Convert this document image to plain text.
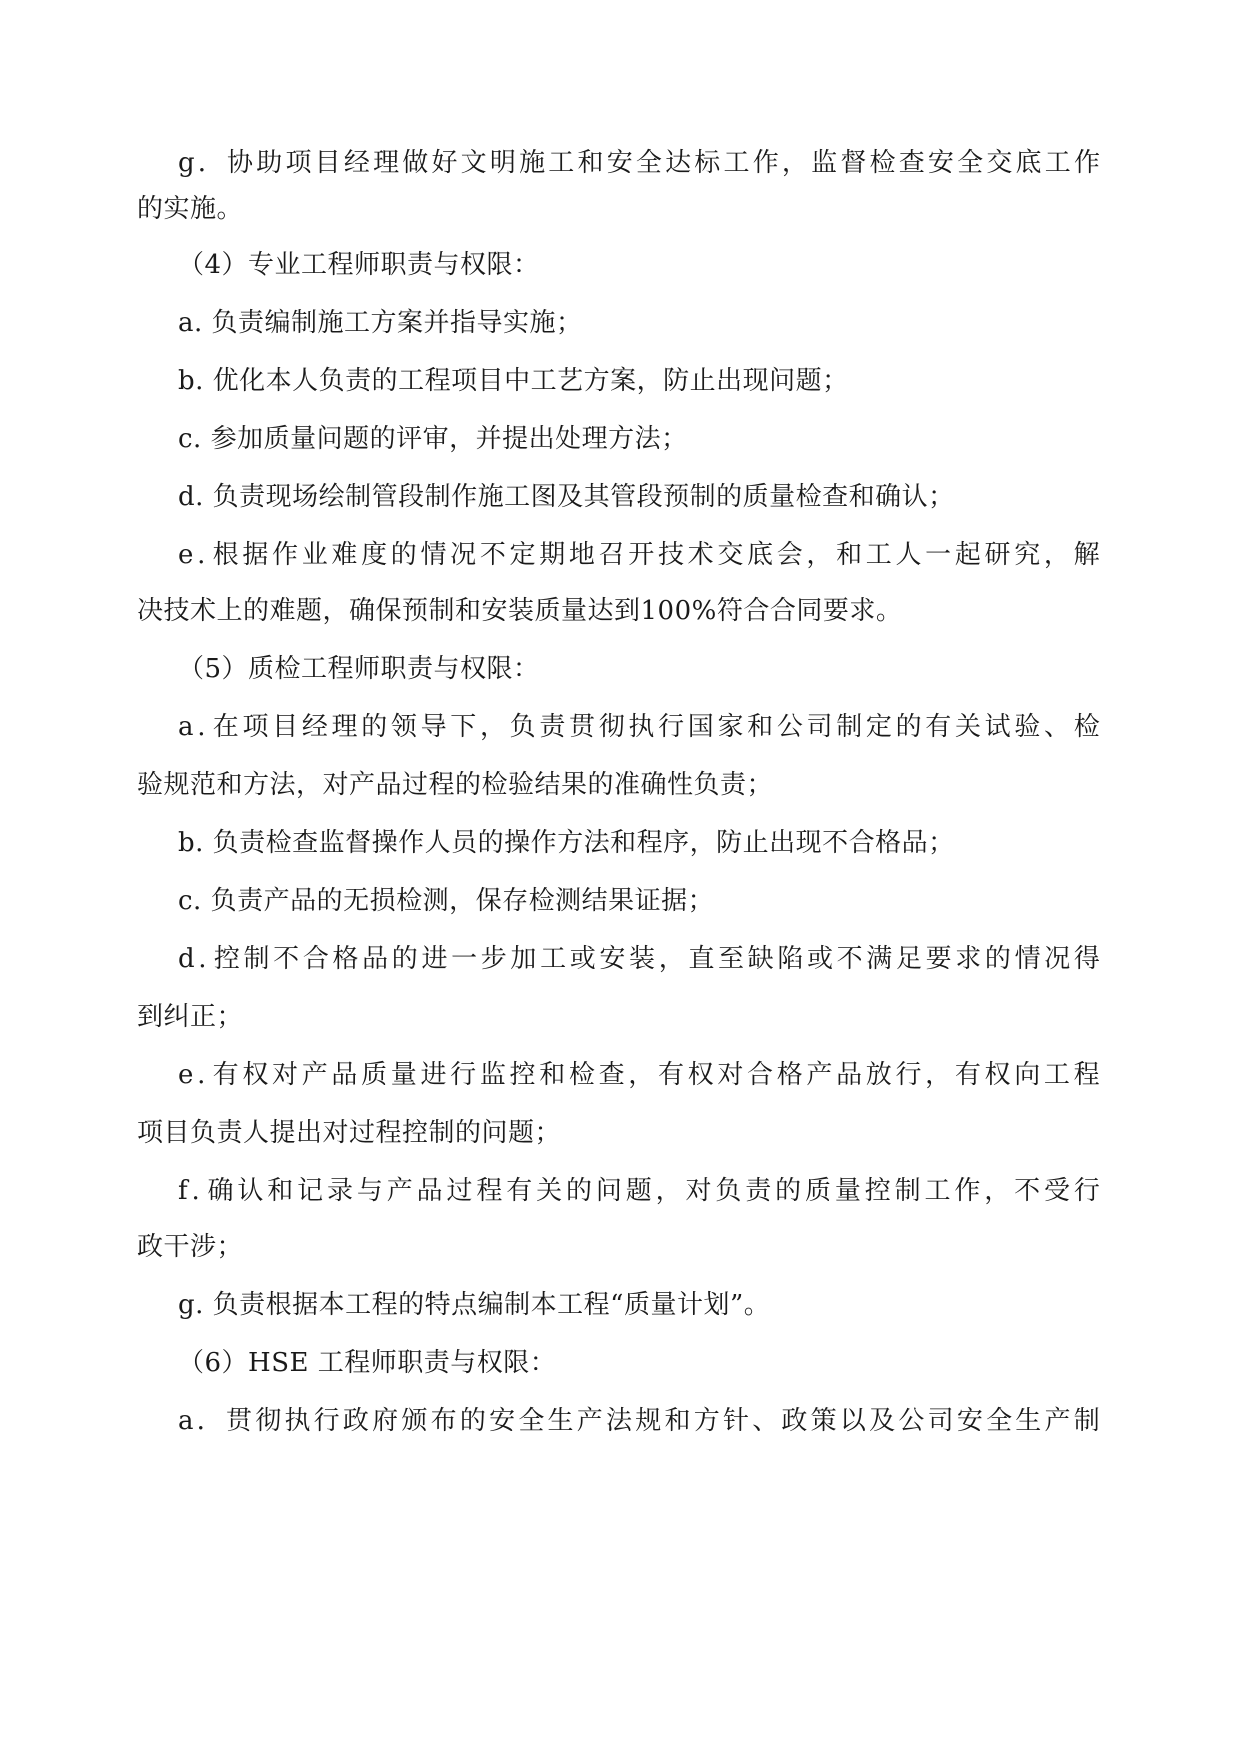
g ． 协 助 项 目 经 理 做 好 文 明 施 工 和 安 全 达 标 工 作 ， 监 督 检 查 安 全 交 底 工 作
的实施。
（4）专业工程师职责与权限：
a. 负责编制施工方案并指导实施；
b. 优化本人负责的工程项目中工艺方案，防止出现问题；
c. 参加质量问题的评审，并提出处理方法；
d. 负责现场绘制管段制作施工图及其管段预制的质量检查和确认；
e . 根 据 作 业 难 度 的 情 况 不 定 期 地 召 开 技 术 交 底 会 ， 和 工 人 一 起 研 究 ， 解
决技术上的难题，确保预制和安装质量达到100%符合合同要求。
（5）质检工程师职责与权限：
a . 在 项 目 经 理 的 领 导 下 ， 负 责 贯 彻 执 行 国 家 和 公 司 制 定 的 有 关 试 验 、 检
验规范和方法，对产品过程的检验结果的准确性负责；
b. 负责检查监督操作人员的操作方法和程序，防止出现不合格品；
c. 负责产品的无损检测，保存检测结果证据；
d . 控 制 不 合 格 品 的 进 一 步 加 工 或 安 装 ， 直 至 缺 陷 或 不 满 足 要 求 的 情 况 得
到纠正；
e . 有 权 对 产 品 质 量 进 行 监 控 和 检 查 ， 有 权 对 合 格 产 品 放 行 ， 有 权 向 工 程
项目负责人提出对过程控制的问题；
f . 确 认 和 记 录 与 产 品 过 程 有 关 的 问 题 ， 对 负 责 的 质 量 控 制 工 作 ， 不 受 行
政干涉；
g. 负责根据本工程的特点编制本工程“质量计划”。
（6）HSE 工程师职责与权限：
a ． 贯 彻 执 行 政 府 颁 布 的 安 全 生 产 法 规 和 方 针 、 政 策 以 及 公 司 安 全 生 产 制
